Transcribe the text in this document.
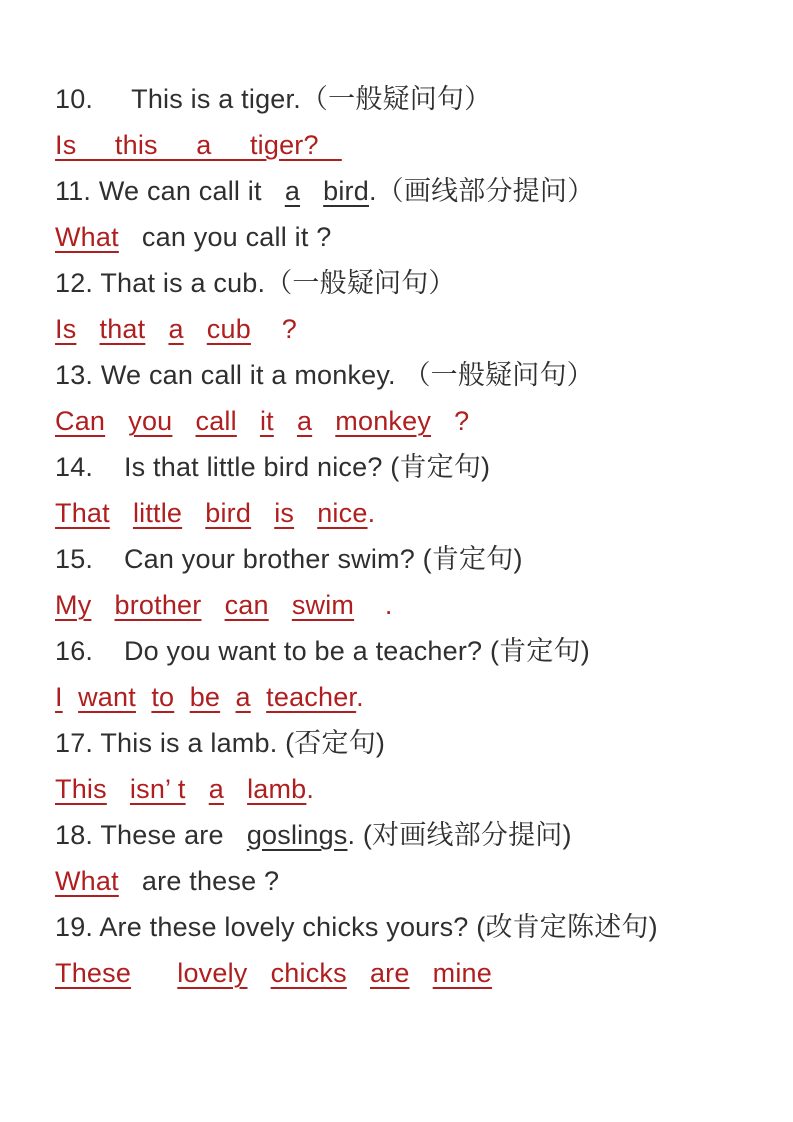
10.     This is a tiger.（一般疑问句）

Is     this     a     tiger?

11. We can call it   a bird.（画线部分提问）

What   can you call it ?

12. That is a cub.（一般疑问句）

Is that a cub ?

13. We can call it a monkey. （一般疑问句）

Can you call it a monkey ?

14.    Is that little bird nice? (肯定句)

That little bird is nice.

15.    Can your brother swim? (肯定句)

My brother can swim    .

16.    Do you want to be a teacher? (肯定句)

I want to be a teacher.

17. This is a lamb. (否定句)

This isn’ t a lamb.

18. These are   goslings. (对画线部分提问)

What   are these ?

19. Are these lovely chicks yours? (改肯定陈述句)

These lovely chicks are mine
